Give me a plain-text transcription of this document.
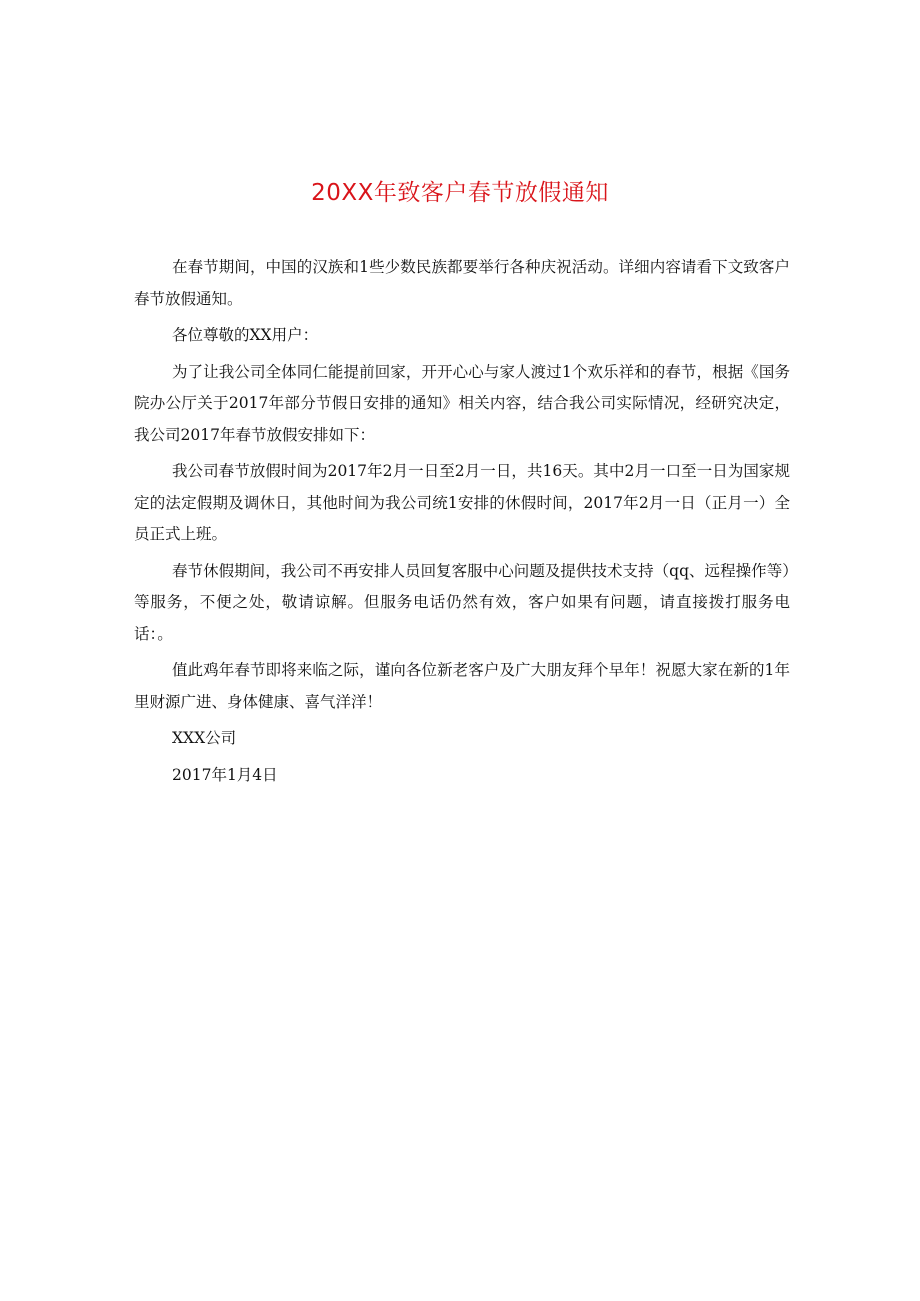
20XX年致客户春节放假通知

在春节期间，中国的汉族和1些少数民族都要举行各种庆祝活动。详细内容请看下文致客户春节放假通知。

各位尊敬的XX用户：

为了让我公司全体同仁能提前回家，开开心心与家人渡过1个欢乐祥和的春节，根据《国务院办公厅关于2017年部分节假日安排的通知》相关内容，结合我公司实际情况，经研究决定，我公司2017年春节放假安排如下：

我公司春节放假时间为2017年2月一日至2月一日，共16天。其中2月一口至一日为国家规定的法定假期及调休日，其他时间为我公司统1安排的休假时间，2017年2月一日（正月一）全员正式上班。

春节休假期间，我公司不再安排人员回复客服中心问题及提供技术支持（qq、远程操作等）等服务，不便之处，敬请谅解。但服务电话仍然有效，客户如果有问题，请直接拨打服务电话：。

值此鸡年春节即将来临之际，谨向各位新老客户及广大朋友拜个早年！祝愿大家在新的1年里财源广进、身体健康、喜气洋洋！

XXX公司

2017年1月4日
